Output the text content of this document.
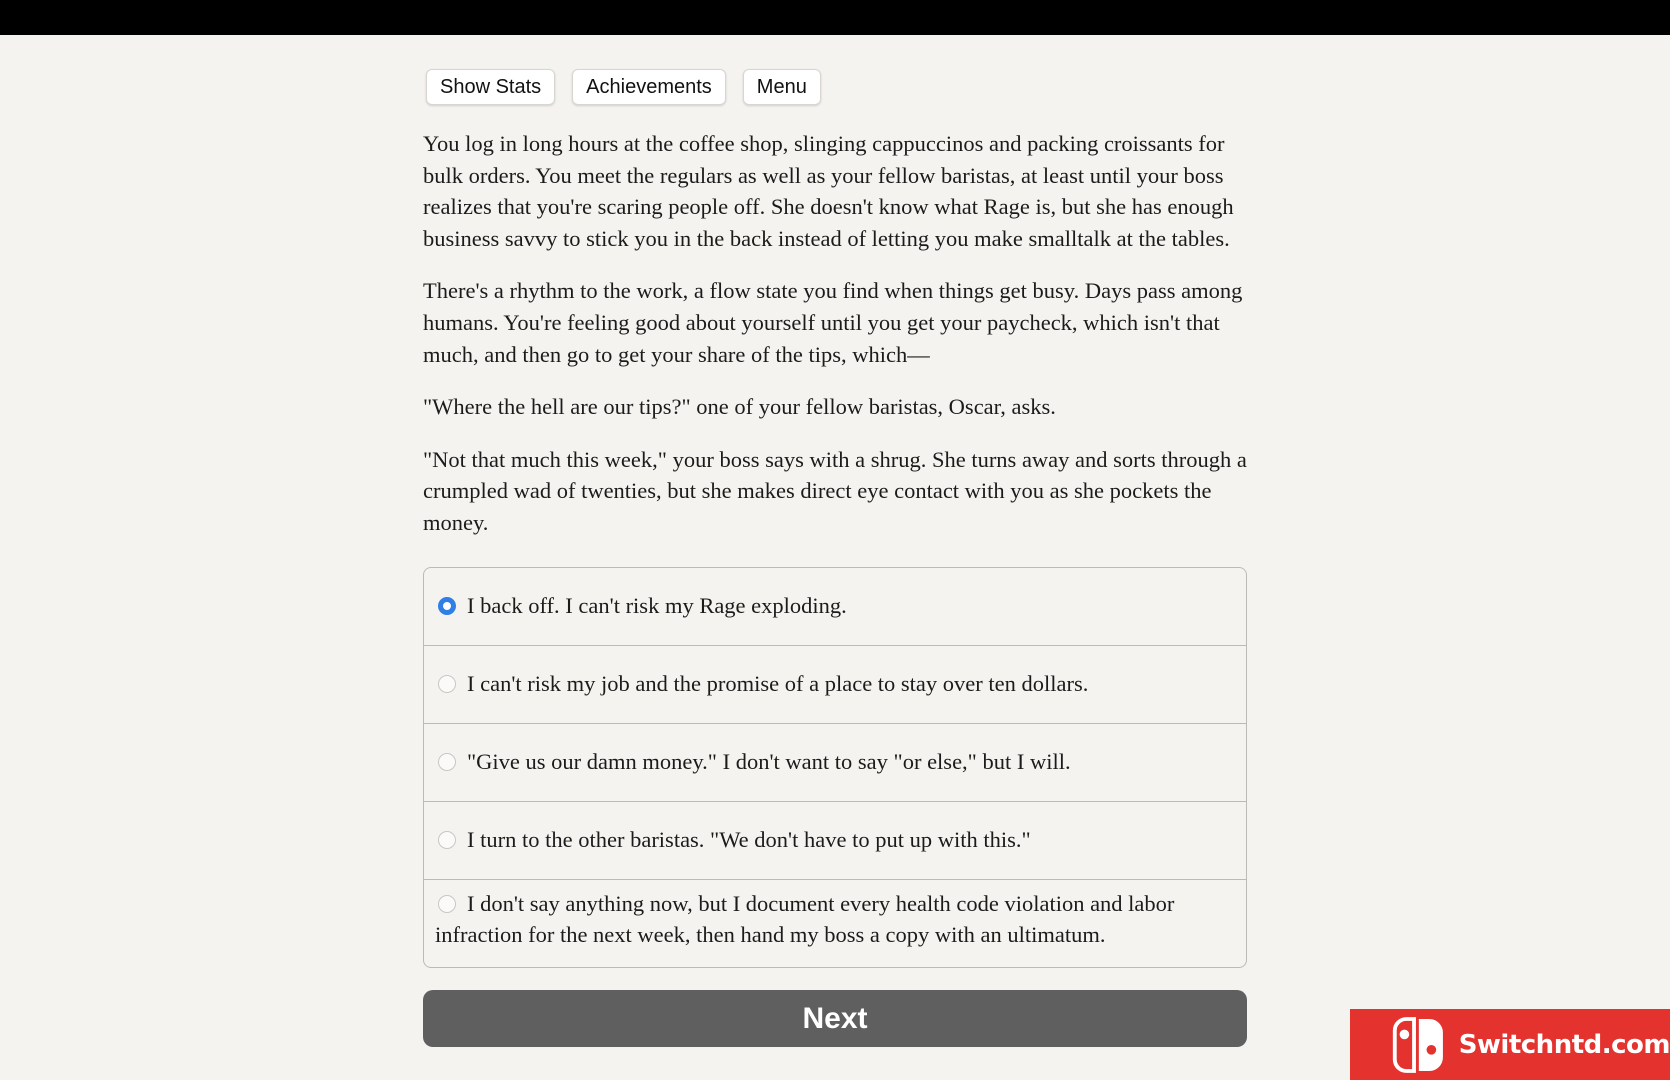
Show Stats	Achievements	Menu

You log in long hours at the coffee shop, slinging cappuccinos and packing croissants for bulk orders. You meet the regulars as well as your fellow baristas, at least until your boss realizes that you're scaring people off. She doesn't know what Rage is, but she has enough business savvy to stick you in the back instead of letting you make smalltalk at the tables.

There's a rhythm to the work, a flow state you find when things get busy. Days pass among humans. You're feeling good about yourself until you get your paycheck, which isn't that much, and then go to get your share of the tips, which—

"Where the hell are our tips?" one of your fellow baristas, Oscar, asks.

"Not that much this week," your boss says with a shrug. She turns away and sorts through a crumpled wad of twenties, but she makes direct eye contact with you as she pockets the money.

I back off. I can't risk my Rage exploding.
I can't risk my job and the promise of a place to stay over ten dollars.
"Give us our damn money." I don't want to say "or else," but I will.
I turn to the other baristas. "We don't have to put up with this."
I don't say anything now, but I document every health code violation and labor infraction for the next week, then hand my boss a copy with an ultimatum.
Next
Switchntd.com
